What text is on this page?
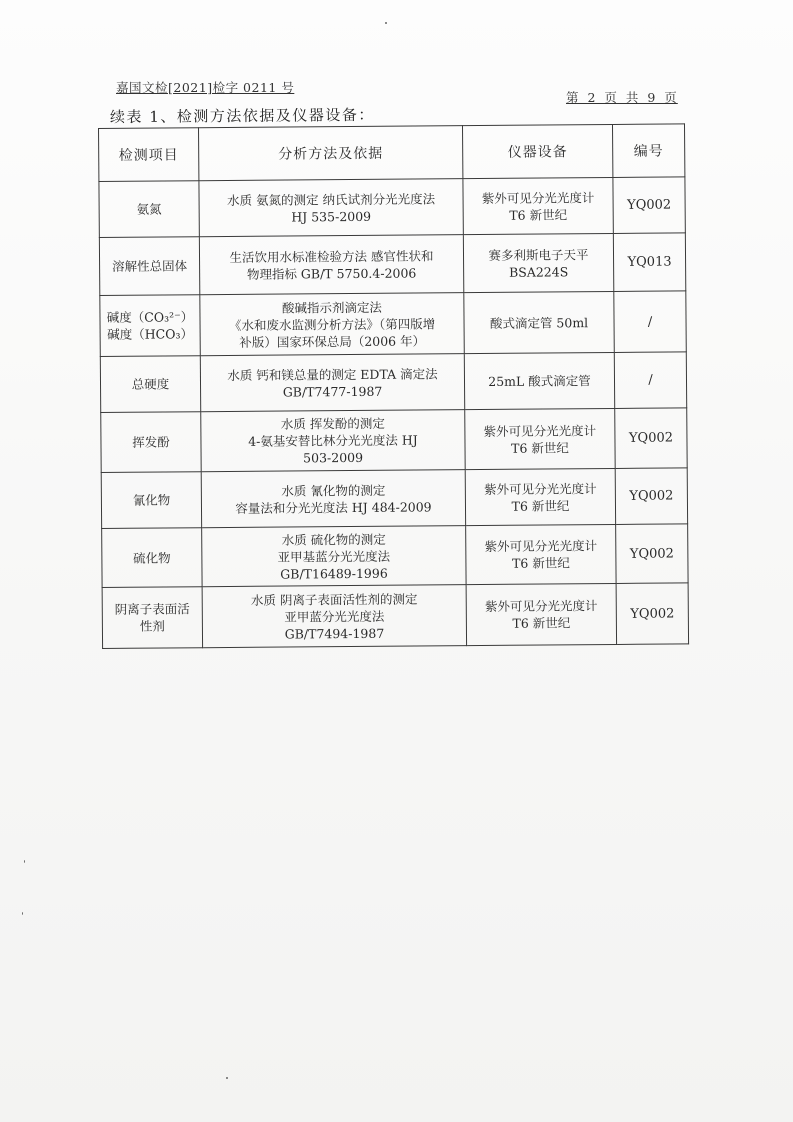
嘉国文检[2021]检字 0211 号
第 2 页 共 9 页
续表 1、检测方法依据及仪器设备：
检测项目	分析方法及依据	仪器设备	编号

氨氮	水质 氨氮的测定 纳氏试剂分光光度法
HJ 535-2009	紫外可见分光光度计
T6 新世纪	YQ002

溶解性总固体	生活饮用水标准检验方法 感官性状和
物理指标 GB/T 5750.4-2006	赛多利斯电子天平
BSA224S	YQ013

碱度（CO₃²⁻）
碱度（HCO₃）	酸碱指示剂滴定法
《水和废水监测分析方法》（第四版增
补版）国家环保总局（2006 年）	酸式滴定管 50ml	/

总硬度	水质 钙和镁总量的测定 EDTA 滴定法
GB/T7477-1987	25mL 酸式滴定管	/

挥发酚	水质 挥发酚的测定
4-氨基安替比林分光光度法 HJ
503-2009	紫外可见分光光度计
T6 新世纪	YQ002

氰化物	水质 氰化物的测定
容量法和分光光度法 HJ 484-2009	紫外可见分光光度计
T6 新世纪	YQ002

硫化物	水质 硫化物的测定
亚甲基蓝分光光度法
GB/T16489-1996	紫外可见分光光度计
T6 新世纪	YQ002

阴离子表面活
性剂	水质 阴离子表面活性剂的测定
亚甲蓝分光光度法
GB/T7494-1987	紫外可见分光光度计
T6 新世纪	YQ002
